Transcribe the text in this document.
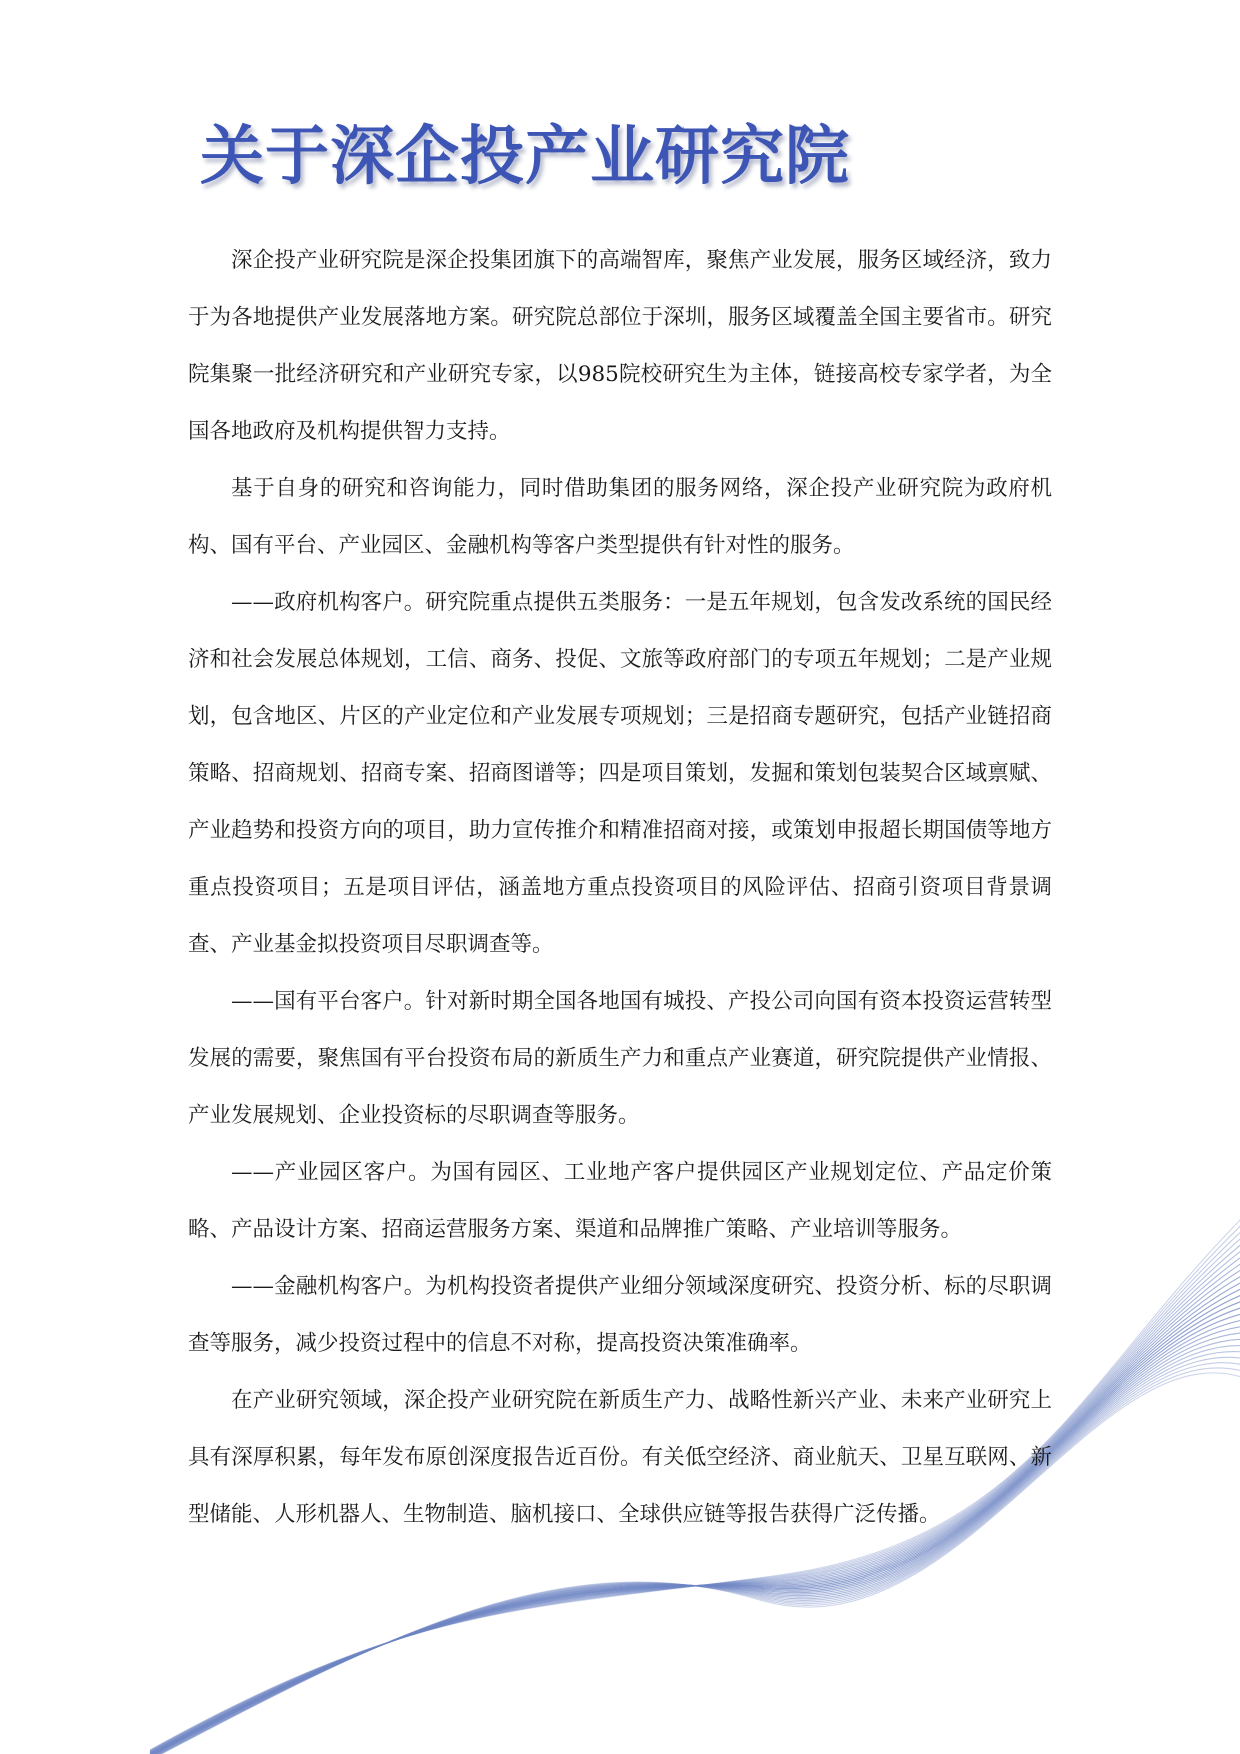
关于深企投产业研究院

深企投产业研究院是深企投集团旗下的高端智库，聚焦产业发展，服务区域经济，致力于为各地提供产业发展落地方案。研究院总部位于深圳，服务区域覆盖全国主要省市。研究院集聚一批经济研究和产业研究专家，以985院校研究生为主体，链接高校专家学者，为全国各地政府及机构提供智力支持。

基于自身的研究和咨询能力，同时借助集团的服务网络，深企投产业研究院为政府机构、国有平台、产业园区、金融机构等客户类型提供有针对性的服务。

——政府机构客户。研究院重点提供五类服务：一是五年规划，包含发改系统的国民经济和社会发展总体规划，工信、商务、投促、文旅等政府部门的专项五年规划；二是产业规划，包含地区、片区的产业定位和产业发展专项规划；三是招商专题研究，包括产业链招商策略、招商规划、招商专案、招商图谱等；四是项目策划，发掘和策划包装契合区域禀赋、产业趋势和投资方向的项目，助力宣传推介和精准招商对接，或策划申报超长期国债等地方重点投资项目；五是项目评估，涵盖地方重点投资项目的风险评估、招商引资项目背景调查、产业基金拟投资项目尽职调查等。

——国有平台客户。针对新时期全国各地国有城投、产投公司向国有资本投资运营转型发展的需要，聚焦国有平台投资布局的新质生产力和重点产业赛道，研究院提供产业情报、产业发展规划、企业投资标的尽职调查等服务。

——产业园区客户。为国有园区、工业地产客户提供园区产业规划定位、产品定价策略、产品设计方案、招商运营服务方案、渠道和品牌推广策略、产业培训等服务。

——金融机构客户。为机构投资者提供产业细分领域深度研究、投资分析、标的尽职调查等服务，减少投资过程中的信息不对称，提高投资决策准确率。

在产业研究领域，深企投产业研究院在新质生产力、战略性新兴产业、未来产业研究上具有深厚积累，每年发布原创深度报告近百份。有关低空经济、商业航天、卫星互联网、新型储能、人形机器人、生物制造、脑机接口、全球供应链等报告获得广泛传播。
